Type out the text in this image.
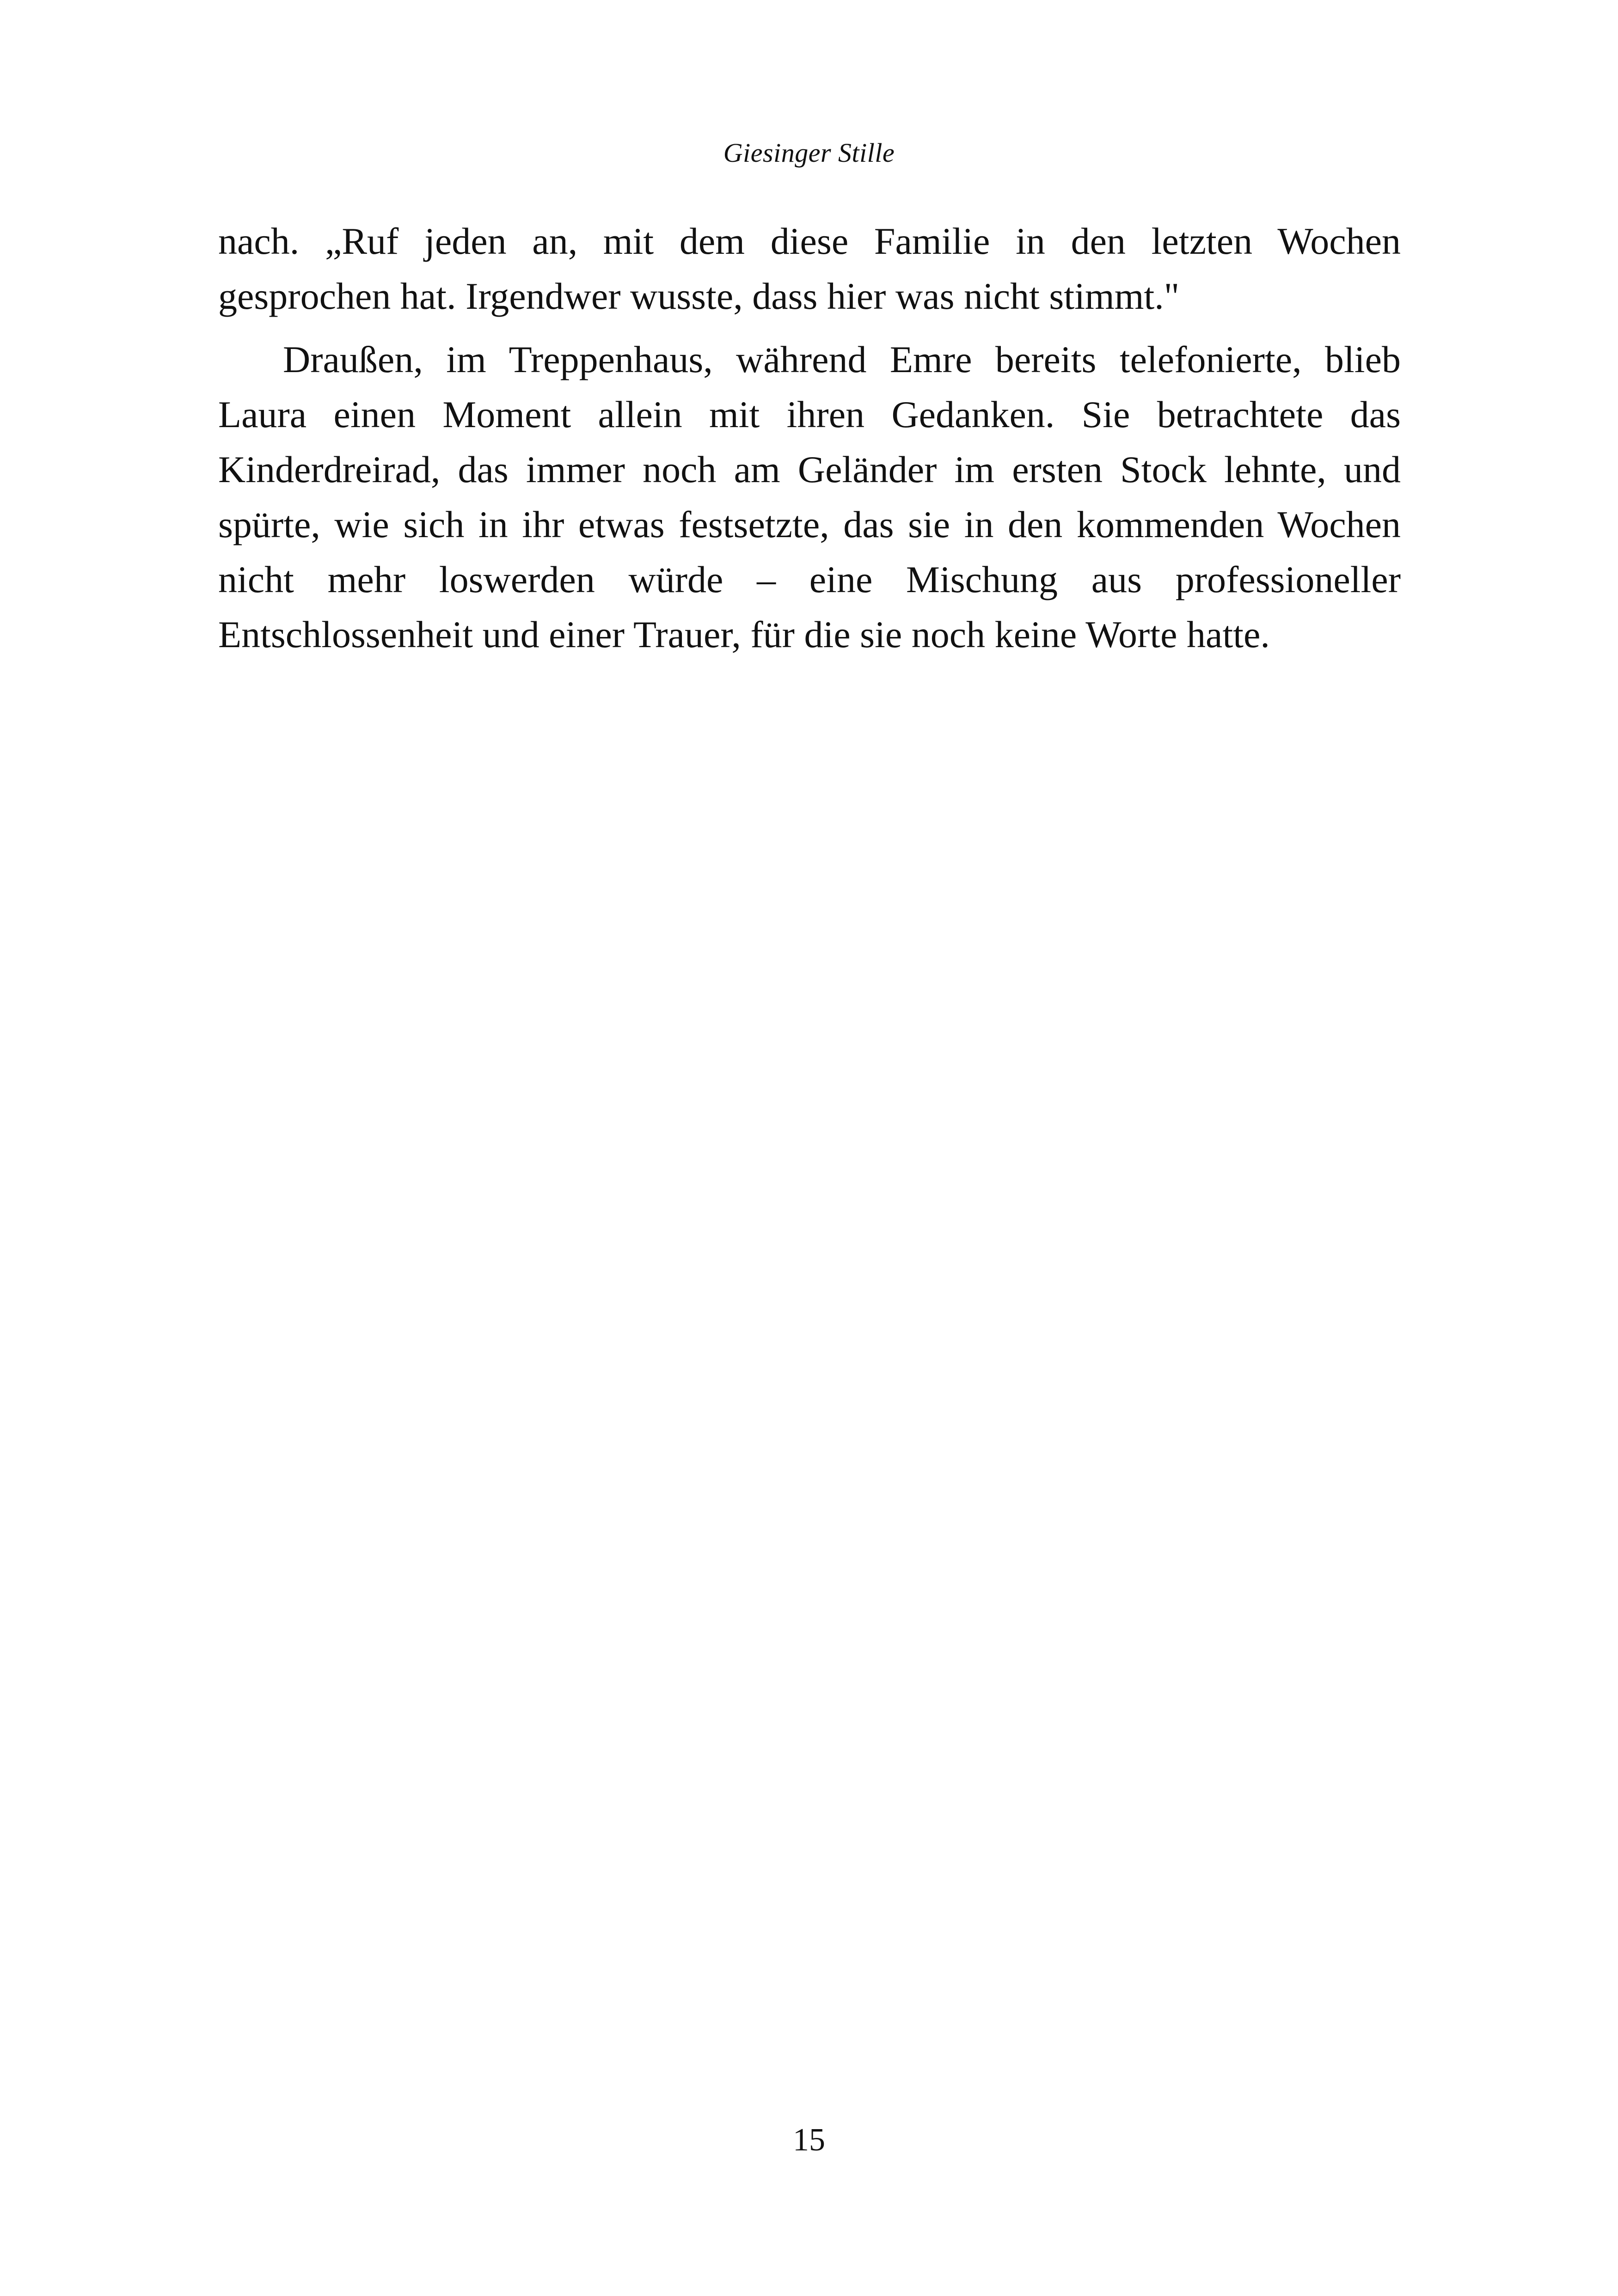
Giesinger Stille

nach. „Ruf jeden an, mit dem diese Familie in den letzten Wochen gesprochen hat. Irgendwer wusste, dass hier was nicht stimmt."

Draußen, im Treppenhaus, während Emre bereits telefonierte, blieb Laura einen Moment allein mit ihren Gedanken. Sie betrachtete das Kinderdreirad, das immer noch am Geländer im ersten Stock lehnte, und spürte, wie sich in ihr etwas festsetzte, das sie in den kommenden Wochen nicht mehr loswerden würde – eine Mischung aus professioneller Entschlossenheit und einer Trauer, für die sie noch keine Worte hatte.

15
